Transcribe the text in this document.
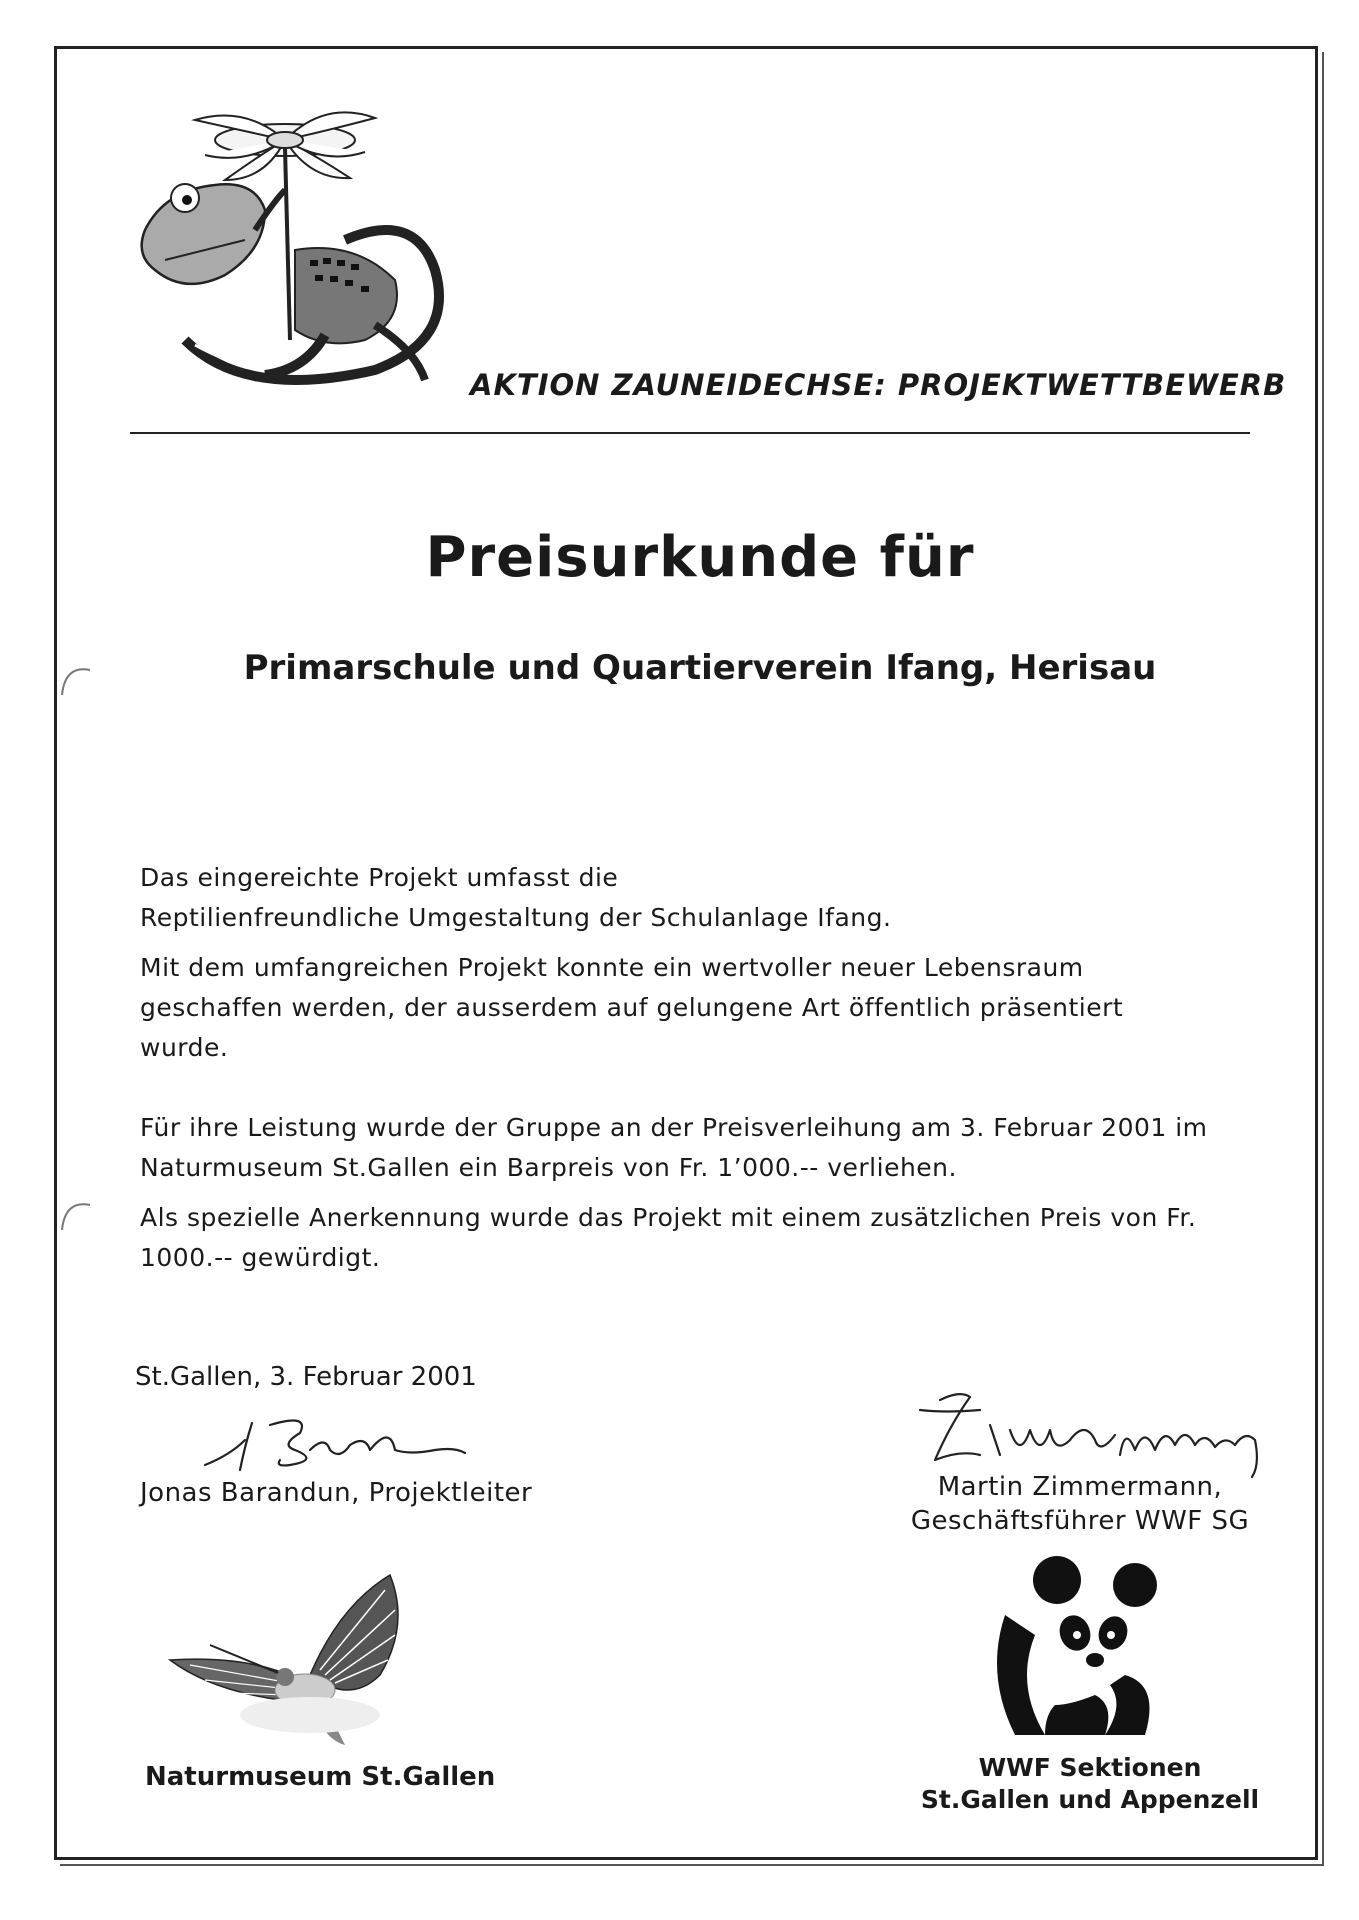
AKTION ZAUNEIDECHSE: PROJEKTWETTBEWERB
Preisurkunde für
Primarschule und Quartierverein Ifang, Herisau

Das eingereichte Projekt umfasst die

Reptilienfreundliche Umgestaltung der Schulanlage Ifang.

Mit dem umfangreichen Projekt konnte ein wertvoller neuer Lebensraum

geschaffen werden, der ausserdem auf gelungene Art öffentlich präsentiert

wurde.

Für ihre Leistung wurde der Gruppe an der Preisverleihung am 3. Februar 2001 im

Naturmuseum St.Gallen ein Barpreis von Fr. 1’000.-- verliehen.

Als spezielle Anerkennung wurde das Projekt mit einem zusätzlichen Preis von Fr.

1000.-- gewürdigt.

St.Gallen, 3. Februar 2001
Jonas Barandun, Projektleiter	Martin Zimmermann,
Geschäftsführer WWF SG
Naturmuseum St.Gallen	WWF Sektionen
St.Gallen und Appenzell
